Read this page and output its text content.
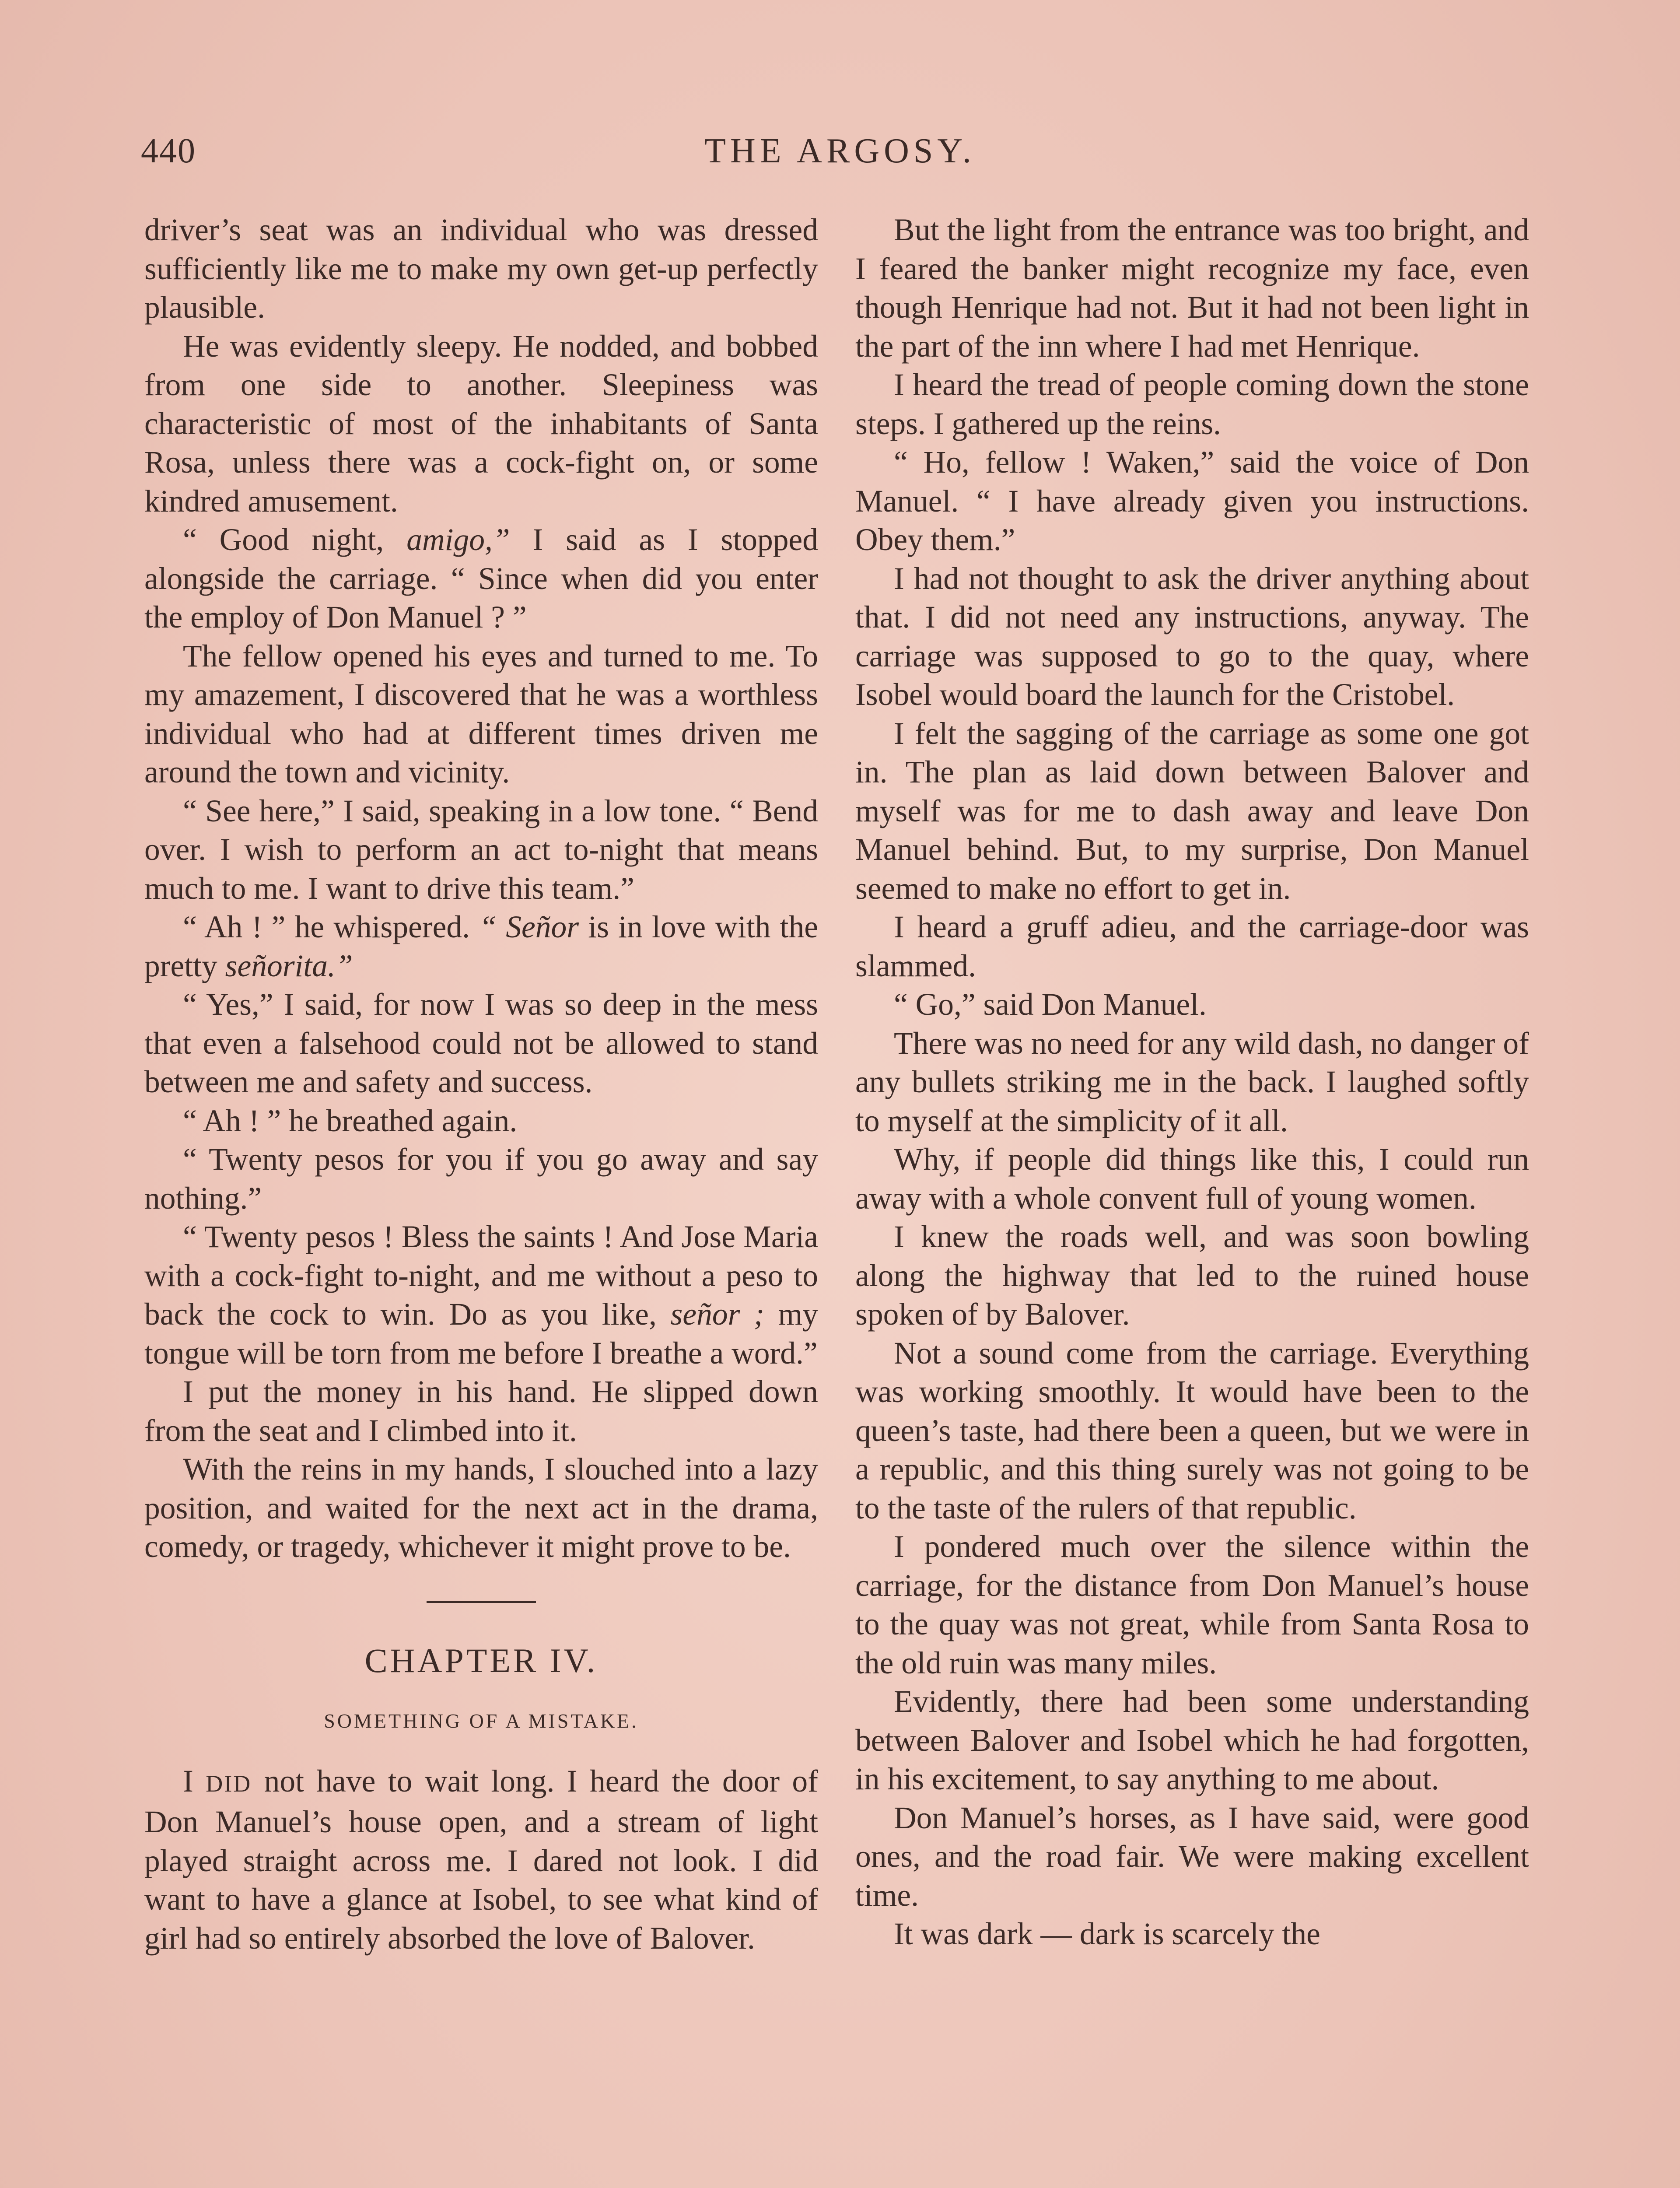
440	THE ARGOSY.

driver’s seat was an individual who was dressed sufficiently like me to make my own get-up perfectly plausible.

He was evidently sleepy. He nodded, and bobbed from one side to another. Sleepiness was characteristic of most of the inhabitants of Santa Rosa, unless there was a cock-fight on, or some kindred amusement.

“ Good night, amigo,” I said as I stopped alongside the carriage. “ Since when did you enter the employ of Don Manuel ? ”

The fellow opened his eyes and turned to me. To my amazement, I discovered that he was a worthless individual who had at different times driven me around the town and vicinity.

“ See here,” I said, speaking in a low tone. “ Bend over. I wish to perform an act to-night that means much to me. I want to drive this team.”

“ Ah ! ” he whispered. “ Señor is in love with the pretty señorita.”

“ Yes,” I said, for now I was so deep in the mess that even a falsehood could not be allowed to stand between me and safety and success.

“ Ah ! ” he breathed again.

“ Twenty pesos for you if you go away and say nothing.”

“ Twenty pesos ! Bless the saints ! And Jose Maria with a cock-fight to-night, and me without a peso to back the cock to win. Do as you like, señor ; my tongue will be torn from me before I breathe a word.”

I put the money in his hand. He slipped down from the seat and I climbed into it.

With the reins in my hands, I slouched into a lazy position, and waited for the next act in the drama, comedy, or tragedy, whichever it might prove to be.

CHAPTER IV.
SOMETHING OF A MISTAKE.

I DID not have to wait long. I heard the door of Don Manuel’s house open, and a stream of light played straight across me. I dared not look. I did want to have a glance at Isobel, to see what kind of girl had so entirely absorbed the love of Balover.

But the light from the entrance was too bright, and I feared the banker might recognize my face, even though Henrique had not. But it had not been light in the part of the inn where I had met Henrique.

I heard the tread of people coming down the stone steps. I gathered up the reins.

“ Ho, fellow ! Waken,” said the voice of Don Manuel. “ I have already given you instructions. Obey them.”

I had not thought to ask the driver anything about that. I did not need any instructions, anyway. The carriage was supposed to go to the quay, where Isobel would board the launch for the Cristobel.

I felt the sagging of the carriage as some one got in. The plan as laid down between Balover and myself was for me to dash away and leave Don Manuel behind. But, to my surprise, Don Manuel seemed to make no effort to get in.

I heard a gruff adieu, and the carriage-door was slammed.

“ Go,” said Don Manuel.

There was no need for any wild dash, no danger of any bullets striking me in the back. I laughed softly to myself at the simplicity of it all.

Why, if people did things like this, I could run away with a whole convent full of young women.

I knew the roads well, and was soon bowling along the highway that led to the ruined house spoken of by Balover.

Not a sound come from the carriage. Everything was working smoothly. It would have been to the queen’s taste, had there been a queen, but we were in a republic, and this thing surely was not going to be to the taste of the rulers of that republic.

I pondered much over the silence within the carriage, for the distance from Don Manuel’s house to the quay was not great, while from Santa Rosa to the old ruin was many miles.

Evidently, there had been some understanding between Balover and Isobel which he had forgotten, in his excitement, to say anything to me about.

Don Manuel’s horses, as I have said, were good ones, and the road fair. We were making excellent time.

It was dark — dark is scarcely the
